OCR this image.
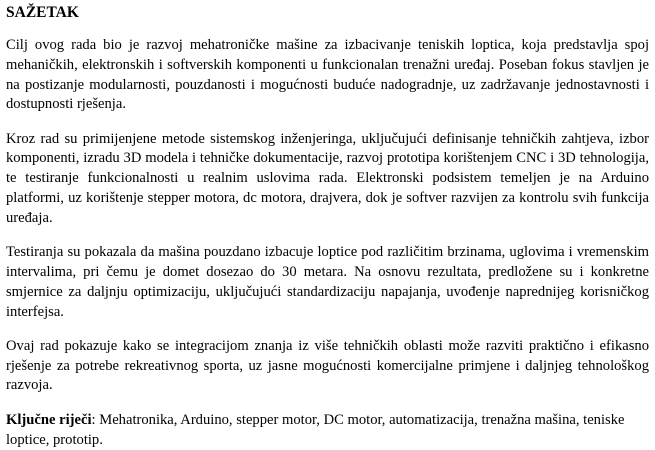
SAŽETAK

Cilj ovog rada bio je razvoj mehatroničke mašine za izbacivanje teniskih loptica, koja predstavlja spoj mehaničkih, elektronskih i softverskih komponenti u funkcionalan trenažni uređaj. Poseban fokus stavljen je na postizanje modularnosti, pouzdanosti i mogućnosti buduće nadogradnje, uz zadržavanje jednostavnosti i dostupnosti rješenja.

Kroz rad su primijenjene metode sistemskog inženjeringa, uključujući definisanje tehničkih zahtjeva, izbor komponenti, izradu 3D modela i tehničke dokumentacije, razvoj prototipa korištenjem CNC i 3D tehnologija, te testiranje funkcionalnosti u realnim uslovima rada. Elektronski podsistem temeljen je na Arduino platformi, uz korištenje stepper motora, dc motora, drajvera, dok je softver razvijen za kontrolu svih funkcija uređaja.

Testiranja su pokazala da mašina pouzdano izbacuje loptice pod različitim brzinama, uglovima i vremenskim intervalima, pri čemu je domet dosezao do 30 metara. Na osnovu rezultata, predložene su i konkretne smjernice za daljnju optimizaciju, uključujući standardizaciju napajanja, uvođenje naprednijeg korisničkog interfejsa.

Ovaj rad pokazuje kako se integracijom znanja iz više tehničkih oblasti može razviti praktično i efikasno rješenje za potrebe rekreativnog sporta, uz jasne mogućnosti komercijalne primjene i daljnjeg tehnološkog razvoja.

Ključne riječi: Mehatronika, Arduino, stepper motor, DC motor, automatizacija, trenažna mašina, teniske loptice, prototip.
